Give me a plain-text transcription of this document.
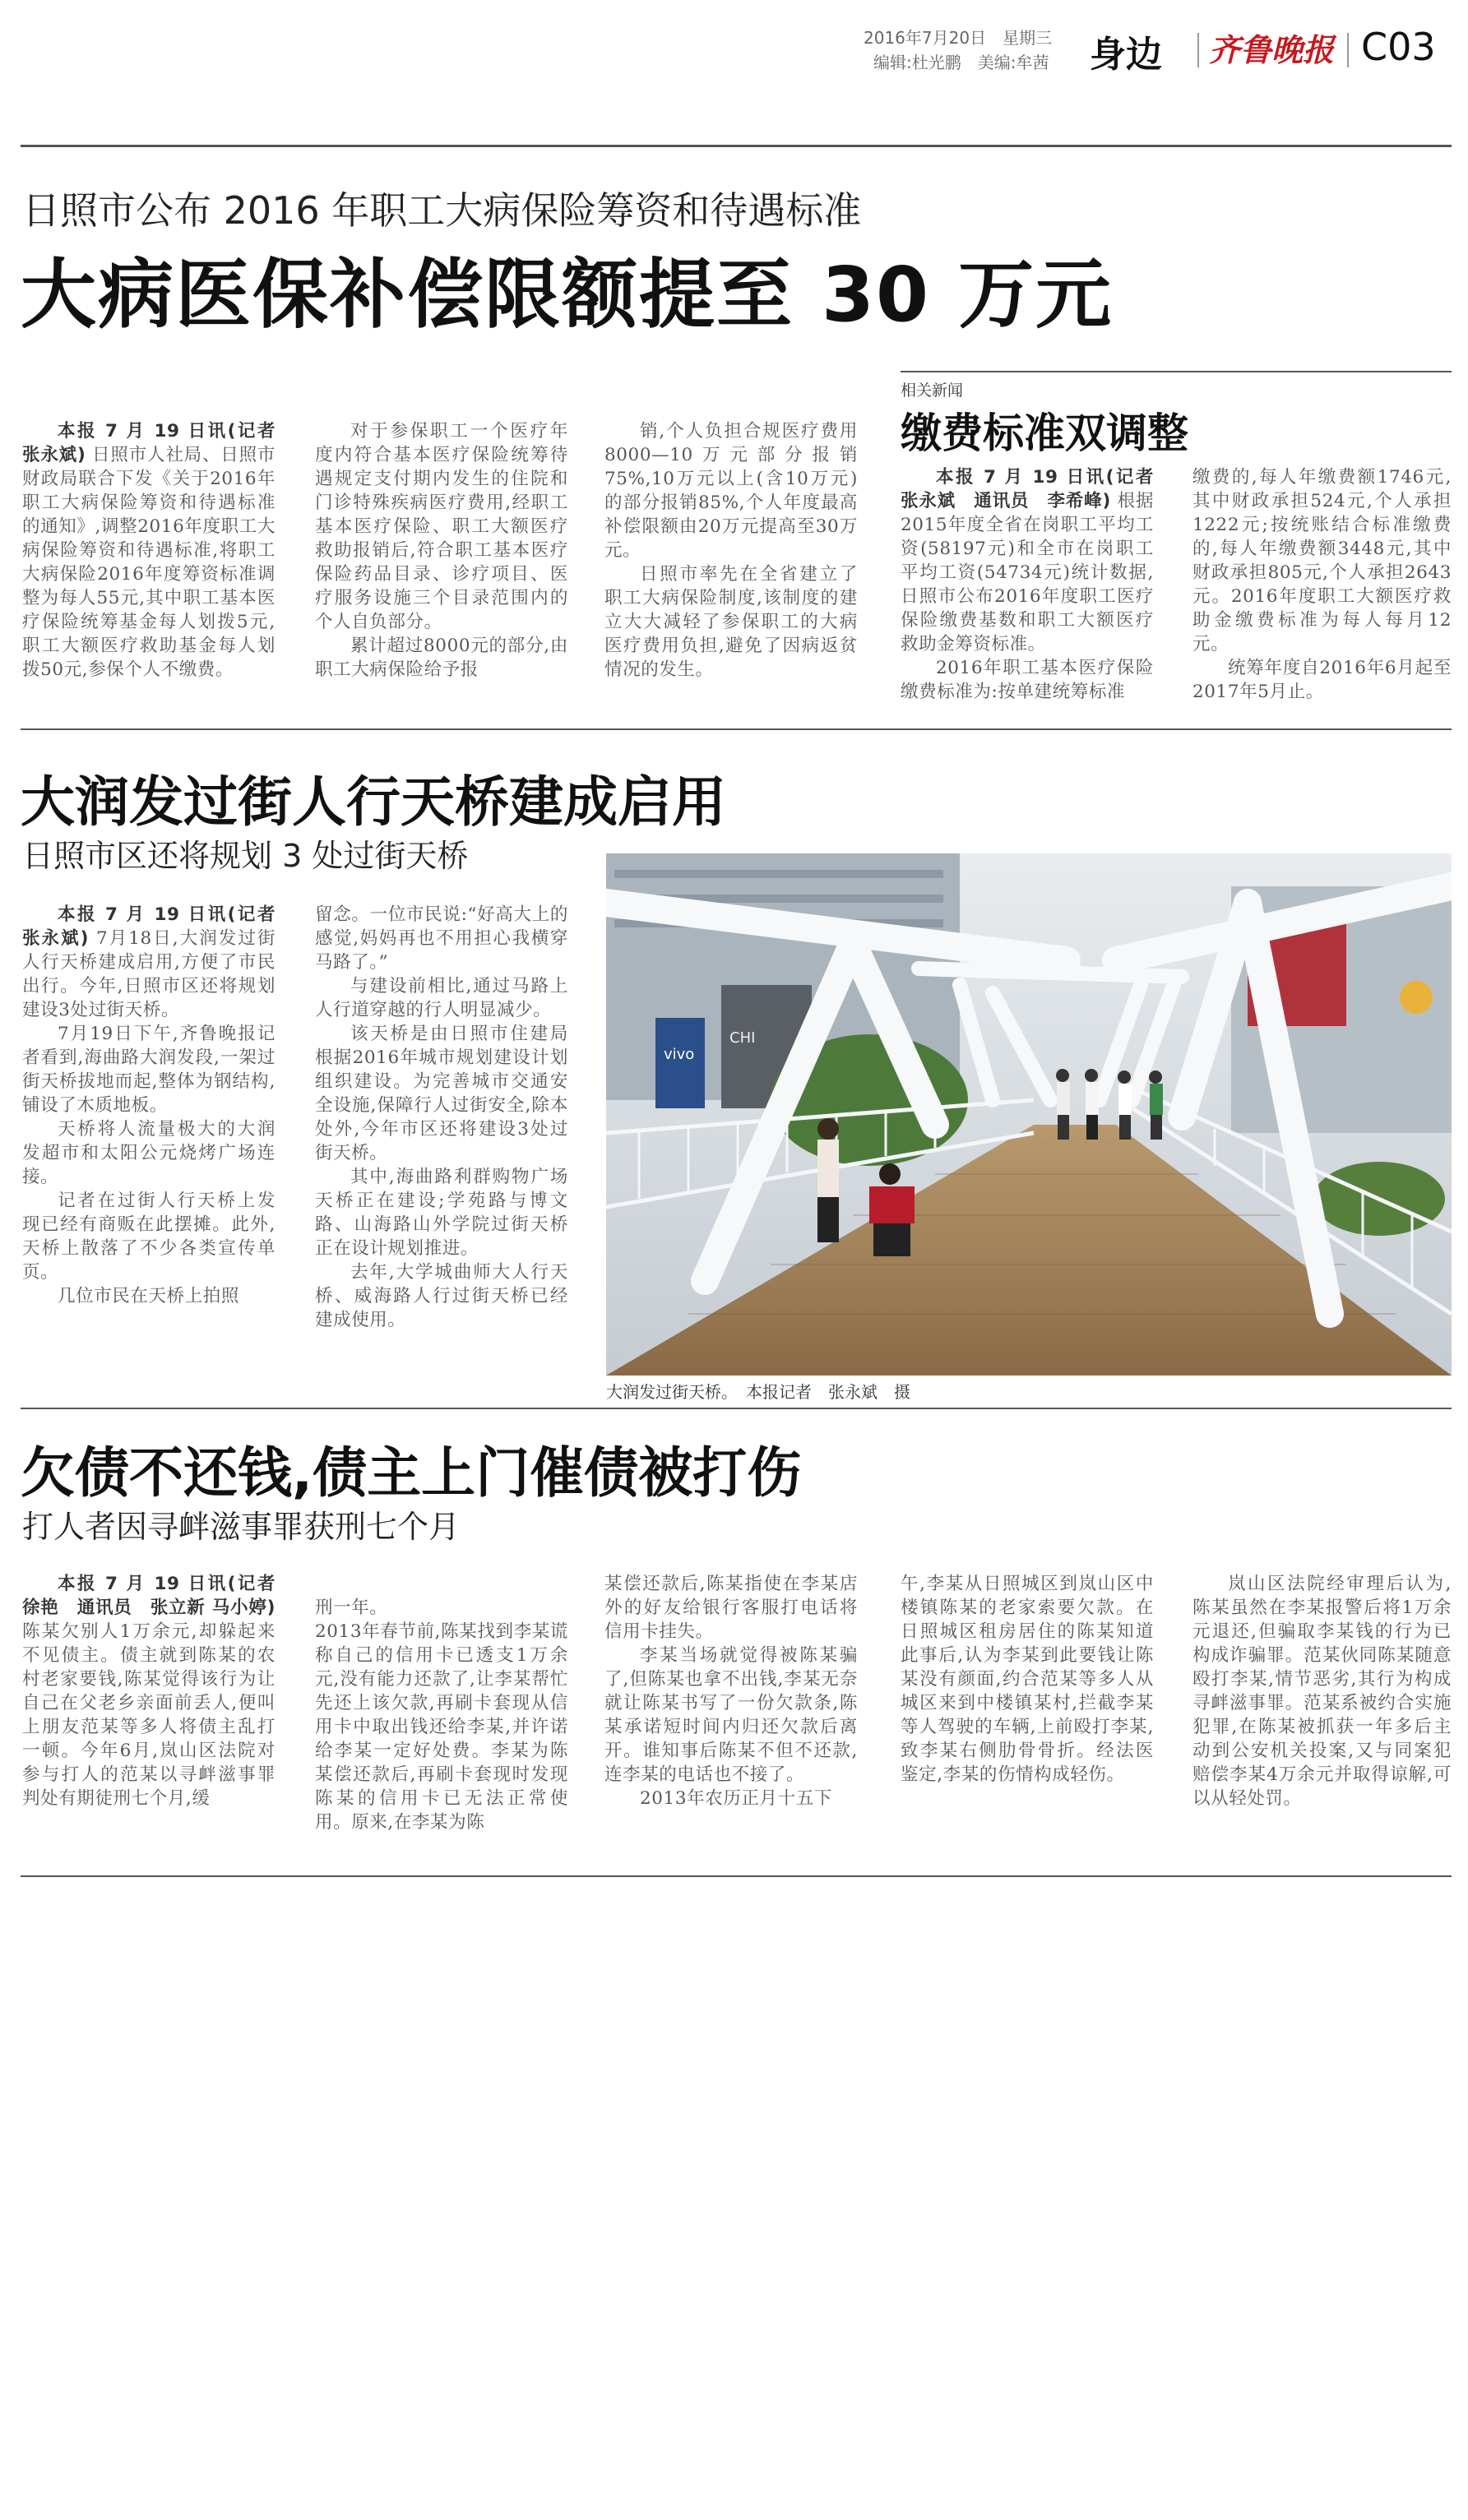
2016年7月20日　星期三
编辑:杜光鹏　美编:牟茜 身边 齐鲁晚报 C03
日照市公布 2016 年职工大病保险筹资和待遇标准
大病医保补偿限额提至 30 万元
本报 7 月 19 日讯(记者 张永斌) 日照市人社局、日照市财政局联合下发《关于2016年职工大病保险筹资和待遇标准的通知》,调整2016年度职工大病保险筹资和待遇标准,将职工大病保险2016年度筹资标准调整为每人55元,其中职工基本医疗保险统筹基金每人划拨5元,职工大额医疗救助基金每人划拨50元,参保个人不缴费。

对于参保职工一个医疗年度内符合基本医疗保险统筹待遇规定支付期内发生的住院和门诊特殊疾病医疗费用,经职工基本医疗保险、职工大额医疗救助报销后,符合职工基本医疗保险药品目录、诊疗项目、医疗服务设施三个目录范围内的个人自负部分。

累计超过8000元的部分,由职工大病保险给予报

销,个人负担合规医疗费用8000—10万元部分报销75%,10万元以上(含10万元)的部分报销85%,个人年度最高补偿限额由20万元提高至30万元。

日照市率先在全省建立了职工大病保险制度,该制度的建立大大减轻了参保职工的大病医疗费用负担,避免了因病返贫情况的发生。

相关新闻
缴费标准双调整
本报 7 月 19 日讯(记者 张永斌　通讯员　李希峰) 根据2015年度全省在岗职工平均工资(58197元)和全市在岗职工平均工资(54734元)统计数据,日照市公布2016年度职工医疗保险缴费基数和职工大额医疗救助金筹资标准。

2016年职工基本医疗保险缴费标准为:按单建统筹标准

缴费的,每人年缴费额1746元,其中财政承担524元,个人承担1222元;按统账结合标准缴费的,每人年缴费额3448元,其中财政承担805元,个人承担2643元。2016年度职工大额医疗救助金缴费标准为每人每月12元。

统筹年度自2016年6月起至2017年5月止。

大润发过街人行天桥建成启用
日照市区还将规划 3 处过街天桥
本报 7 月 19 日讯(记者 张永斌) 7月18日,大润发过街人行天桥建成启用,方便了市民出行。今年,日照市区还将规划建设3处过街天桥。

7月19日下午,齐鲁晚报记者看到,海曲路大润发段,一架过街天桥拔地而起,整体为钢结构,铺设了木质地板。

天桥将人流量极大的大润发超市和太阳公元烧烤广场连接。

记者在过街人行天桥上发现已经有商贩在此摆摊。此外,天桥上散落了不少各类宣传单页。

几位市民在天桥上拍照

留念。一位市民说:“好高大上的感觉,妈妈再也不用担心我横穿马路了。”

与建设前相比,通过马路上人行道穿越的行人明显减少。

该天桥是由日照市住建局根据2016年城市规划建设计划组织建设。为完善城市交通安全设施,保障行人过街安全,除本处外,今年市区还将建设3处过街天桥。

其中,海曲路利群购物广场天桥正在建设;学苑路与博文路、山海路山外学院过街天桥正在设计规划推进。

去年,大学城曲师大人行天桥、威海路人行过街天桥已经建成使用。

vivo
CHI
大润发过街天桥。　本报记者　张永斌　摄
欠债不还钱,债主上门催债被打伤
打人者因寻衅滋事罪获刑七个月
本报 7 月 19 日讯(记者 徐艳　通讯员　张立新 马小婷) 陈某欠别人1万余元,却躲起来不见债主。债主就到陈某的农村老家要钱,陈某觉得该行为让自己在父老乡亲面前丢人,便叫上朋友范某等多人将债主乱打一顿。今年6月,岚山区法院对参与打人的范某以寻衅滋事罪判处有期徒刑七个月,缓

刑一年。
2013年春节前,陈某找到李某谎称自己的信用卡已透支1万余元,没有能力还款了,让李某帮忙先还上该欠款,再刷卡套现从信用卡中取出钱还给李某,并许诺给李某一定好处费。李某为陈某偿还款后,再刷卡套现时发现陈某的信用卡已无法正常使用。原来,在李某为陈

某偿还款后,陈某指使在李某店外的好友给银行客服打电话将信用卡挂失。

李某当场就觉得被陈某骗了,但陈某也拿不出钱,李某无奈就让陈某书写了一份欠款条,陈某承诺短时间内归还欠款后离开。谁知事后陈某不但不还款,连李某的电话也不接了。

2013年农历正月十五下

午,李某从日照城区到岚山区中楼镇陈某的老家索要欠款。在日照城区租房居住的陈某知道此事后,认为李某到此要钱让陈某没有颜面,约合范某等多人从城区来到中楼镇某村,拦截李某等人驾驶的车辆,上前殴打李某,致李某右侧肋骨骨折。经法医鉴定,李某的伤情构成轻伤。

岚山区法院经审理后认为,陈某虽然在李某报警后将1万余元退还,但骗取李某钱的行为已构成诈骗罪。范某伙同陈某随意殴打李某,情节恶劣,其行为构成寻衅滋事罪。范某系被约合实施犯罪,在陈某被抓获一年多后主动到公安机关投案,又与同案犯赔偿李某4万余元并取得谅解,可以从轻处罚。
